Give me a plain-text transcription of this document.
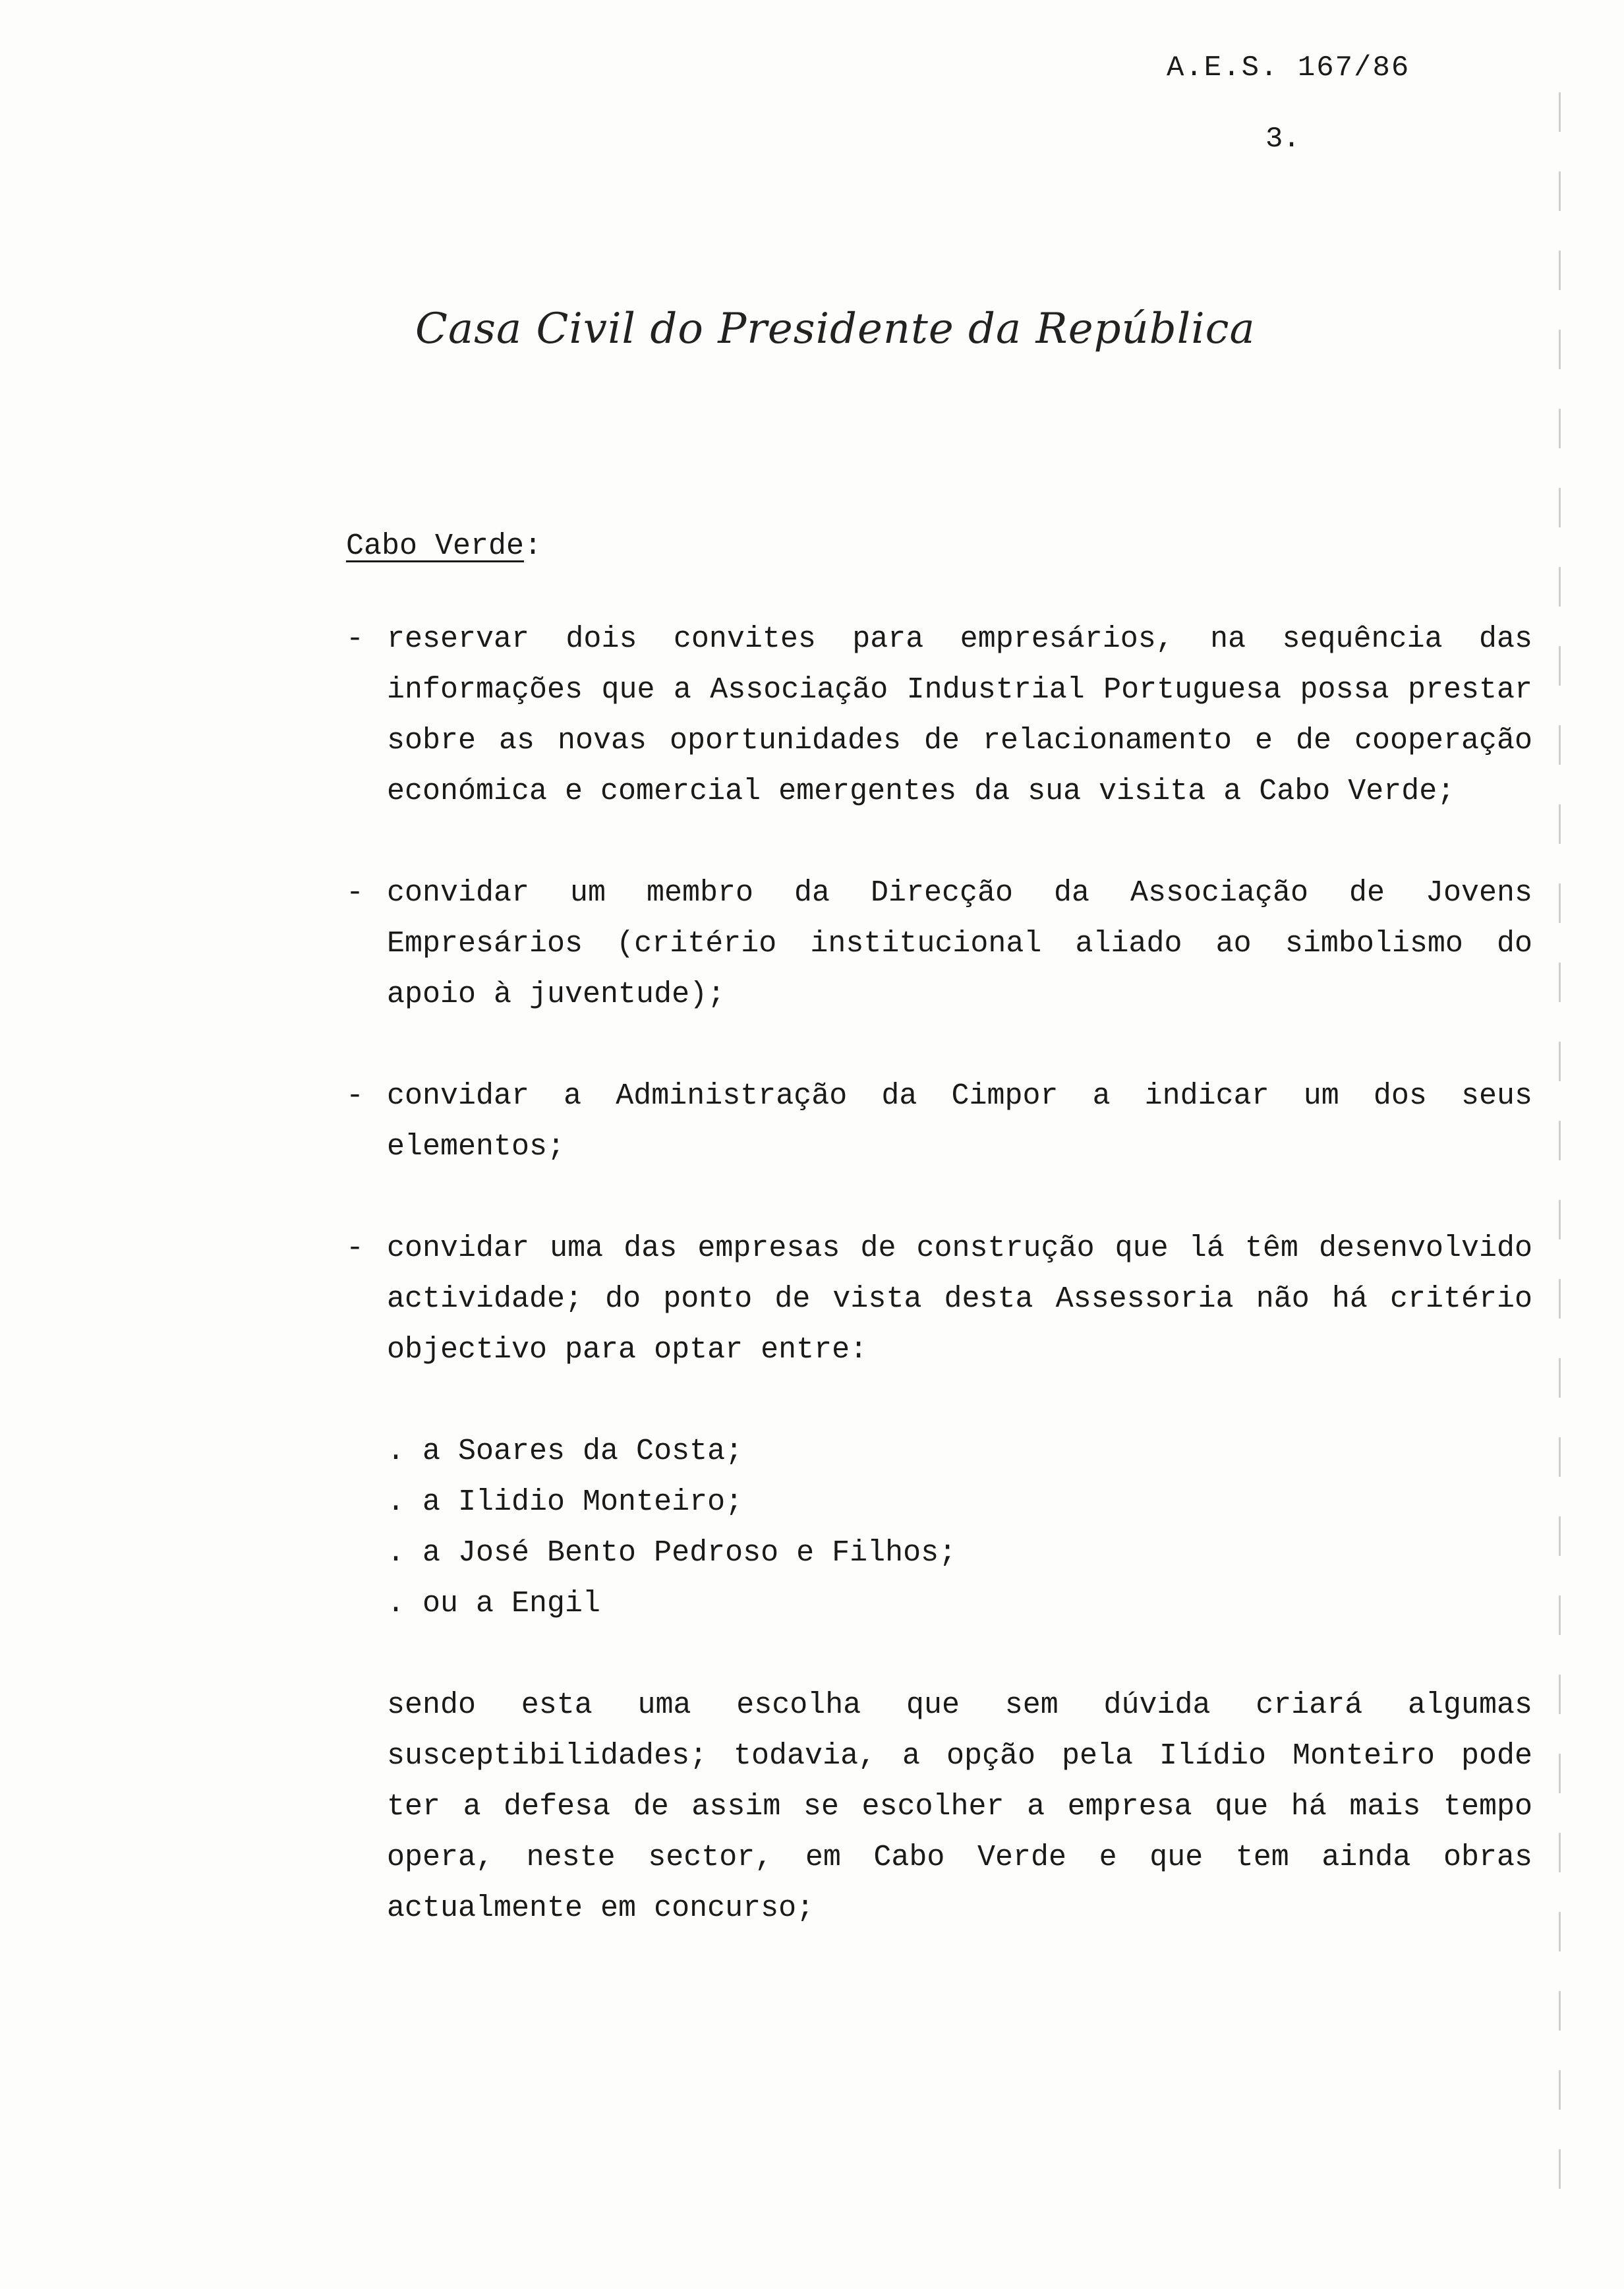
A.E.S. 167/86
3.
Casa Civil do Presidente da República
Cabo Verde:
- reservar dois convites para empresários, na sequência das informações que a Associação Industrial Portuguesa possa prestar sobre as novas oportunidades de relacionamento e de cooperação económica e comercial emergentes da sua visita a Cabo Verde;

- convidar um membro da Direcção da Associação de Jovens Empresários (critério institucional aliado ao simbolismo do apoio à juventude);

- convidar a Administração da Cimpor a indicar um dos seus elementos;

- convidar uma das empresas de construção que lá têm desenvolvido actividade; do ponto de vista desta Assessoria não há critério objectivo para optar entre:

. a Soares da Costa;
. a Ilidio Monteiro;
. a José Bento Pedroso e Filhos;
. ou a Engil

sendo esta uma escolha que sem dúvida criará algumas susceptibilidades; todavia, a opção pela Ilídio Monteiro pode ter a defesa de assim se escolher a empresa que há mais tempo opera, neste sector, em Cabo Verde e que tem ainda obras actualmente em concurso;
